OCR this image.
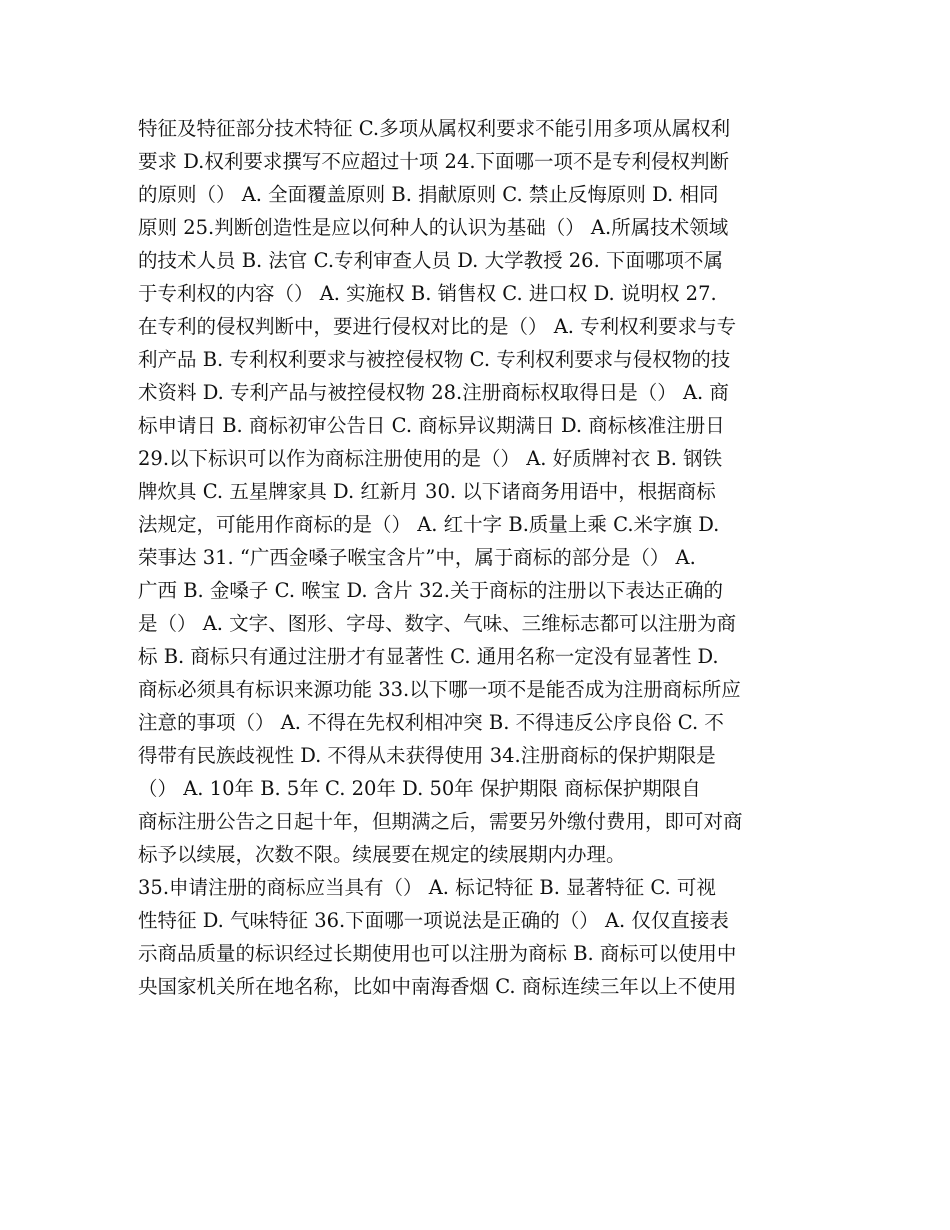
特征及特征部分技术特征 C.多项从属权利要求不能引用多项从属权利
要求 D.权利要求撰写不应超过十项 24.下面哪一项不是专利侵权判断
的原则（） A. 全面覆盖原则 B. 捐献原则 C. 禁止反悔原则 D. 相同
原则 25.判断创造性是应以何种人的认识为基础（） A.所属技术领域
的技术人员 B. 法官 C.专利审查人员 D. 大学教授 26. 下面哪项不属
于专利权的内容（） A. 实施权 B. 销售权 C. 进口权 D. 说明权 27.
在专利的侵权判断中，要进行侵权对比的是（） A. 专利权利要求与专
利产品 B. 专利权利要求与被控侵权物 C. 专利权利要求与侵权物的技
术资料 D. 专利产品与被控侵权物 28.注册商标权取得日是（） A. 商
标申请日 B. 商标初审公告日 C. 商标异议期满日 D. 商标核准注册日
29.以下标识可以作为商标注册使用的是（） A. 好质牌衬衣 B. 钢铁
牌炊具 C. 五星牌家具 D. 红新月 30. 以下诸商务用语中，根据商标
法规定，可能用作商标的是（） A. 红十字 B.质量上乘 C.米字旗 D.
荣事达 31. “广西金嗓子喉宝含片”中，属于商标的部分是（） A.
广西 B. 金嗓子 C. 喉宝 D. 含片 32.关于商标的注册以下表达正确的
是（） A. 文字、图形、字母、数字、气味、三维标志都可以注册为商
标 B. 商标只有通过注册才有显著性 C. 通用名称一定没有显著性 D.
商标必须具有标识来源功能 33.以下哪一项不是能否成为注册商标所应
注意的事项（） A. 不得在先权利相冲突 B. 不得违反公序良俗 C. 不
得带有民族歧视性 D. 不得从未获得使用 34.注册商标的保护期限是
（） A. 10年 B. 5年 C. 20年 D. 50年 保护期限 商标保护期限自
商标注册公告之日起十年，但期满之后，需要另外缴付费用，即可对商
标予以续展，次数不限。续展要在规定的续展期内办理。
35.申请注册的商标应当具有（） A. 标记特征 B. 显著特征 C. 可视
性特征 D. 气味特征 36.下面哪一项说法是正确的（） A. 仅仅直接表
示商品质量的标识经过长期使用也可以注册为商标 B. 商标可以使用中
央国家机关所在地名称，比如中南海香烟 C. 商标连续三年以上不使用
